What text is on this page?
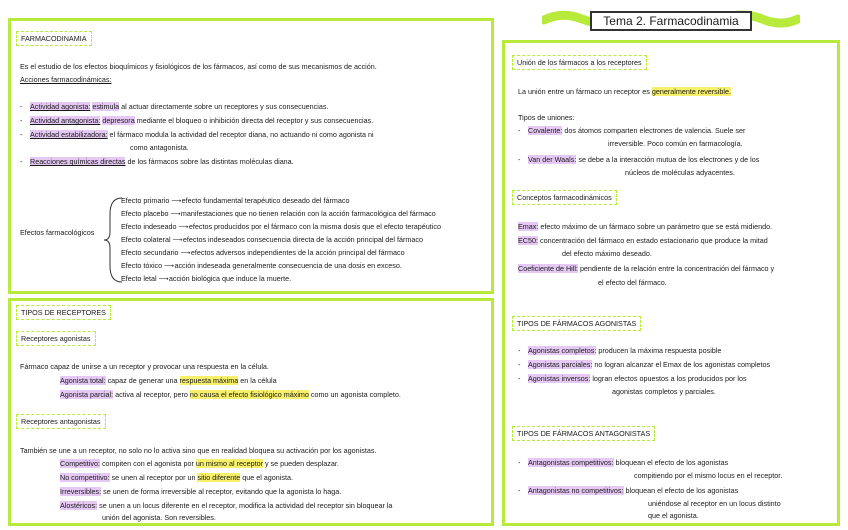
Tema 2. Farmacodinamia
FARMACODINAMIA
Es el estudio de los efectos bioquímicos y fisiológicos de los fármacos, así como de sus mecanismos de acción.
Acciones farmacodinámicas:
- Actividad agonista: estimula al actuar directamente sobre un receptores y sus consecuencias.
- Actividad antagonista: depresora mediante el bloqueo o inhibición directa del receptor y sus consecuencias.
- Actividad estabilizadora: el fármaco modula la actividad del receptor diana, no actuando ni como agonista ni
como antagonista.
- Reacciones químicas directas de los fármacos sobre las distintas moléculas diana.
Efectos farmacológicos
Efecto primario ⟶efecto fundamental terapéutico deseado del fármaco
Efecto placebo ⟶manifestaciones que no tienen relación con la acción farmacológica del fármaco
Efecto indeseado ⟶efectos producidos por el fármaco con la misma dosis que el efecto terapéutico
Efecto colateral ⟶efectos indeseados consecuencia directa de la acción principal del fármaco
Efecto secundario ⟶efectos adversos independientes de la acción principal del fármaco
Efecto tóxico ⟶acción indeseada generalmente consecuencia de una dosis en exceso.
Efecto letal ⟶acción biológica que induce la muerte.
TIPOS DE RECEPTORES
Receptores agonistas
Fármaco capaz de unirse a un receptor y provocar una respuesta en la célula.
Agonista total: capaz de generar una respuesta máxima en la célula
Agonista parcial: activa al receptor, pero no causa el efecto fisiológico máximo como un agonista completo.
Receptores antagonistas
También se une a un receptor, no solo no lo activa sino que en realidad bloquea su activación por los agonistas.
Competitivo: compiten con el agonista por un mismo al receptor y se pueden desplazar.
No competitivo: se unen al receptor por un sitio diferente que el agonista.
Irreversibles: se unen de forma irreversible al receptor, evitando que la agonista lo haga.
Alostéricos: se unen a un locus diferente en el receptor, modifica la actividad del receptor sin bloquear la
unión del agonista. Son reversibles.
Unión de los fármacos a los receptores
La unión entre un fármaco un receptor es generalmente reversible.
Tipos de uniones:
- Covalente: dos átomos comparten electrones de valencia. Suele ser
irreversible. Poco común en farmacología.
- Van der Waals: se debe a la interacción mutua de los electrones y de los
núcleos de moléculas adyacentes.
Conceptos farmacodinámicos
Emax: efecto máximo de un fármaco sobre un parámetro que se está midiendo.
EC50: concentración del fármaco en estado estacionario que produce la mitad
del efecto máximo deseado.
Coeficiente de Hill: pendiente de la relación entre la concentración del fármaco y
el efecto del fármaco.
TIPOS DE FÁRMACOS AGONISTAS
- Agonistas completos: producen la máxima respuesta posible
- Agonistas parciales: no logran alcanzar el Emax de los agonistas completos
- Agonistas inversos: logran efectos opuestos a los producidos por los
agonistas completos y parciales.
TIPOS DE FÁRMACOS ANTAGONISTAS
- Antagonistas competitivos: bloquean el efecto de los agonistas
compitiendo por el mismo locus en el receptor.
- Antagonistas no competitivos: bloquean el efecto de los agonistas
uniéndose al receptor en un locus distinto
que el agonista.
